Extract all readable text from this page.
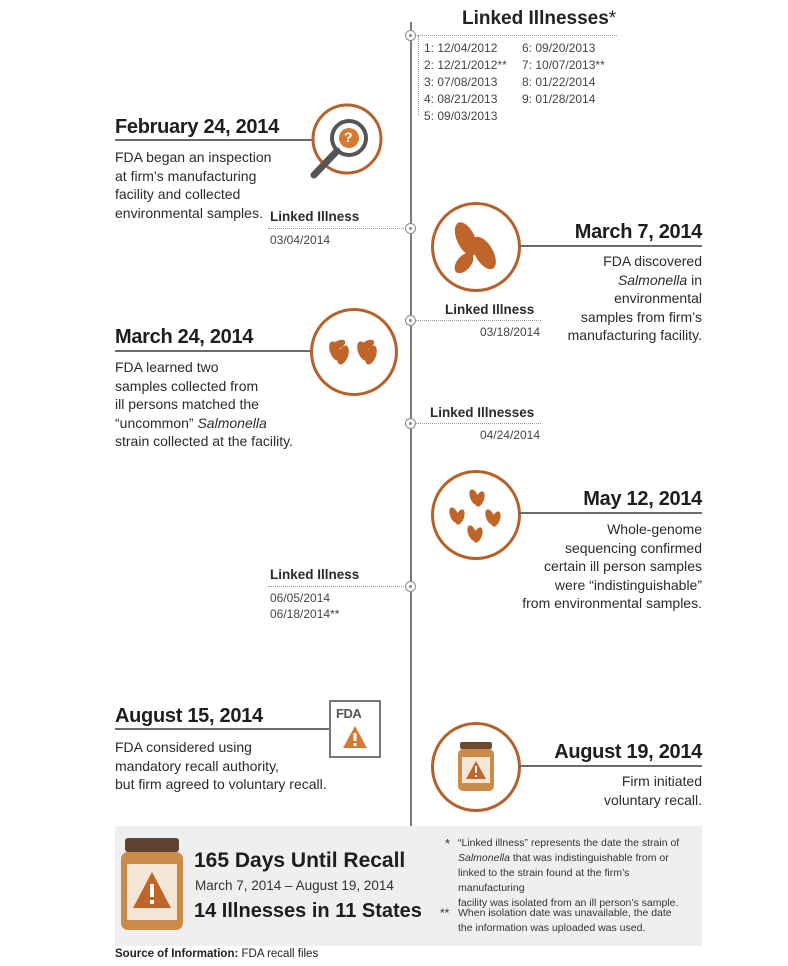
Linked Illnesses*
1: 12/04/2012
2: 12/21/2012**
3: 07/08/2013
4: 08/21/2013
5: 09/03/2013
6: 09/20/2013
7: 10/07/2013**
8: 01/22/2014
9: 01/28/2014
February 24, 2014
FDA began an inspection at firm’s manufacturing facility and collected environmental samples.
?
Linked Illness
03/04/2014	March 7, 2014
FDA discovered
Salmonella in
environmental
samples from firm’s
manufacturing facility.
Linked Illness
03/18/2014
March 24, 2014
FDA learned two
samples collected from
ill persons matched the
“uncommon” Salmonella
strain collected at the facility.
Linked Illnesses
04/24/2014
May 12, 2014
Whole-genome
sequencing confirmed
certain ill person samples
were “indistinguishable”
from environmental samples.
Linked Illness
06/05/2014
06/18/2014**
August 15, 2014	FDA
FDA considered using
mandatory recall authority,
but firm agreed to voluntary recall.
August 19, 2014
Firm initiated
voluntary recall.
165 Days Until Recall
March 7, 2014 – August 19, 2014
14 Illnesses in 11 States
* “Linked illness” represents the date the strain of
Salmonella that was indistinguishable from or
linked to the strain found at the firm’s manufacturing
facility was isolated from an ill person’s sample.
** When isolation date was unavailable, the date
the information was uploaded was used.
Source of Information: FDA recall files
